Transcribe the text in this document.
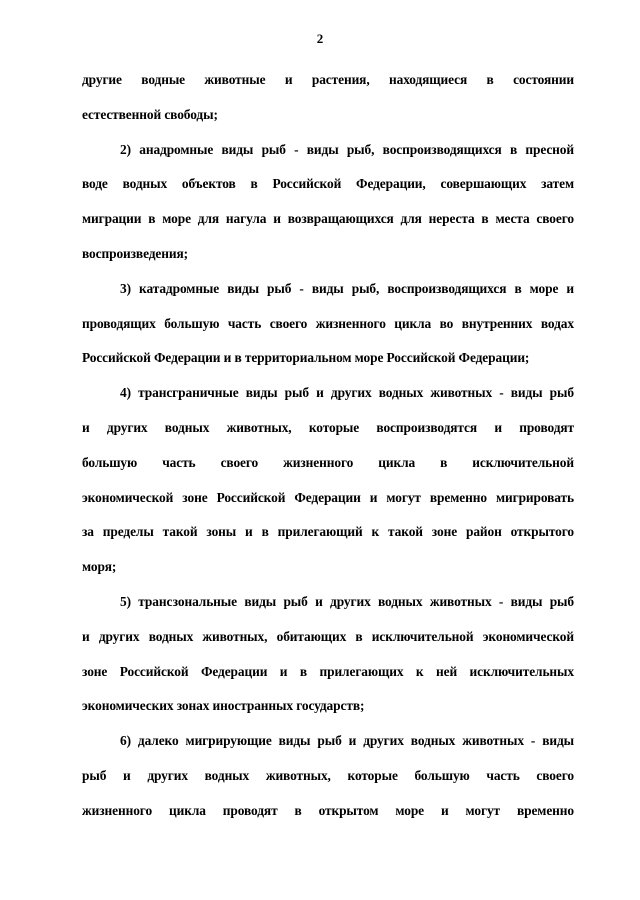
2
другие водные животные и растения, находящиеся в состоянии
естественной свободы;
2) анадромные виды рыб - виды рыб, воспроизводящихся в пресной
воде водных объектов в Российской Федерации, совершающих затем
миграции в море для нагула и возвращающихся для нереста в места своего
воспроизведения;
3) катадромные виды рыб - виды рыб, воспроизводящихся в море и
проводящих большую часть своего жизненного цикла во внутренних водах
Российской Федерации и в территориальном море Российской Федерации;
4) трансграничные виды рыб и других водных животных - виды рыб
и других водных животных, которые воспроизводятся и проводят
большую часть своего жизненного цикла в исключительной
экономической зоне Российской Федерации и могут временно мигрировать
за пределы такой зоны и в прилегающий к такой зоне район открытого
моря;
5) трансзональные виды рыб и других водных животных - виды рыб
и других водных животных, обитающих в исключительной экономической
зоне Российской Федерации и в прилегающих к ней исключительных
экономических зонах иностранных государств;
6) далеко мигрирующие виды рыб и других водных животных - виды
рыб и других водных животных, которые большую часть своего
жизненного цикла проводят в открытом море и могут временно
